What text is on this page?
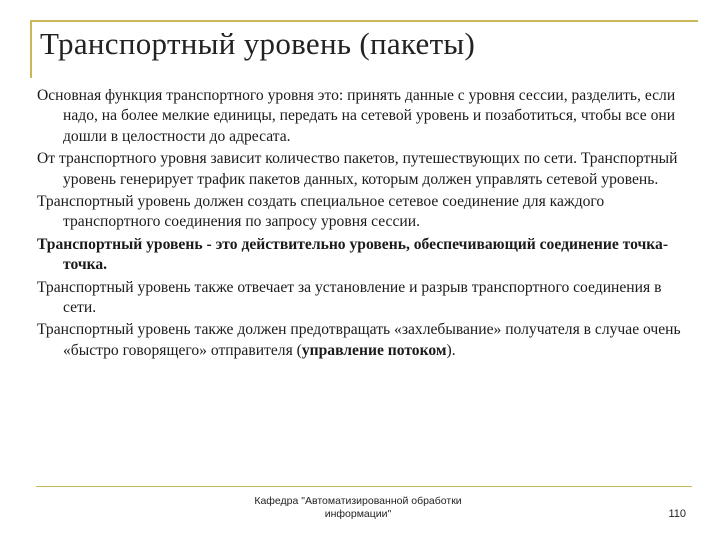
Транспортный уровень (пакеты)

Основная функция транспортного уровня это: принять данные с уровня сессии, разделить, если надо, на более мелкие единицы, передать на сетевой уровень и позаботиться, чтобы все они дошли в целостности до адресата.

От транспортного уровня зависит количество пакетов, путешествующих по сети. Транспортный уровень генерирует трафик пакетов данных, которым должен управлять сетевой уровень.

Транспортный уровень должен создать специальное сетевое соединение для каждого транспортного соединения по запросу уровня сессии.

Транспортный уровень - это действительно уровень, обеспечивающий соединение точка-точка.

Транспортный уровень также отвечает за установление и разрыв транспортного соединения в сети.

Транспортный уровень также должен предотвращать «захлебывание» получателя в случае очень «быстро говорящего» отправителя (управление потоком).

Кафедра "Автоматизированной обработки
информации"	110
